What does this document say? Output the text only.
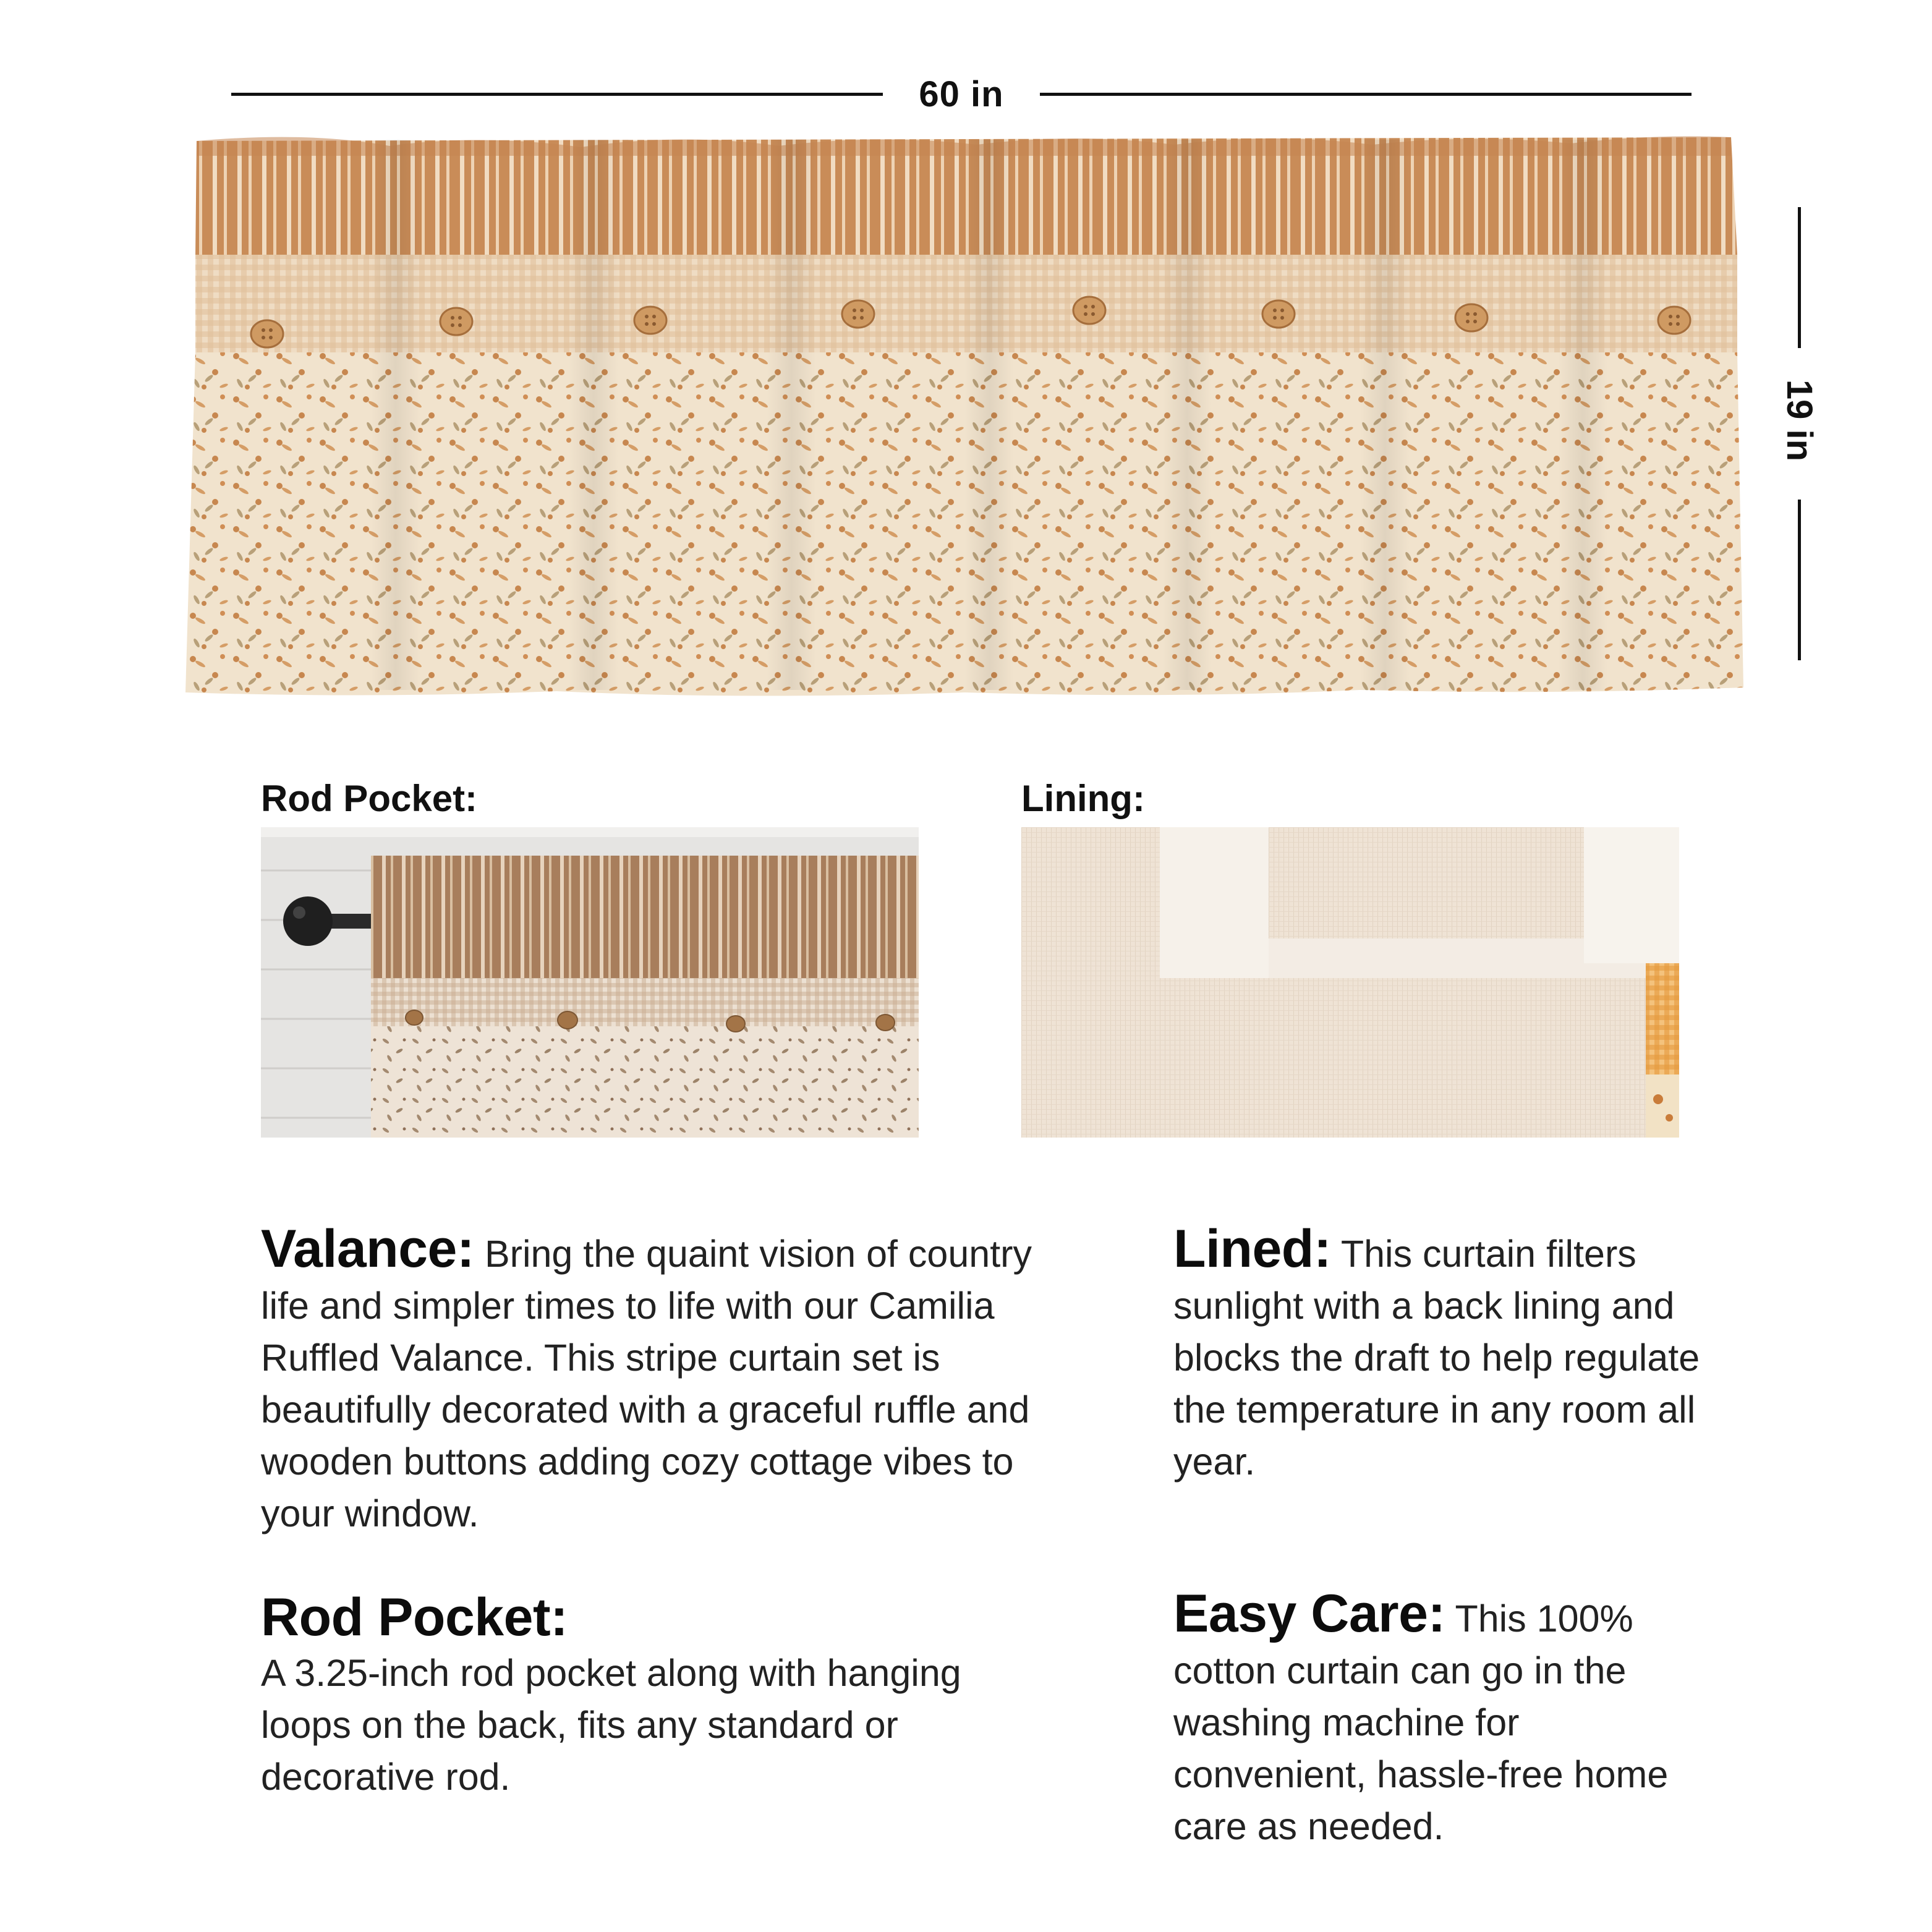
60 in
19 in
Rod Pocket:	Lining:
Valance: Bring the quaint vision of country life and simpler times to life with our Camilia Ruffled Valance. This stripe curtain set is beautifully decorated with a graceful ruffle and wooden buttons adding cozy cottage vibes to your window.
Lined: This curtain filters sunlight with a back lining and blocks the draft to help regulate the temperature in any room all year.
Rod Pocket:
A 3.25-inch rod pocket along with hanging loops on the back, fits any standard or decorative rod.
Easy Care: This 100% cotton curtain can go in the washing machine for convenient, hassle-free home care as needed.
